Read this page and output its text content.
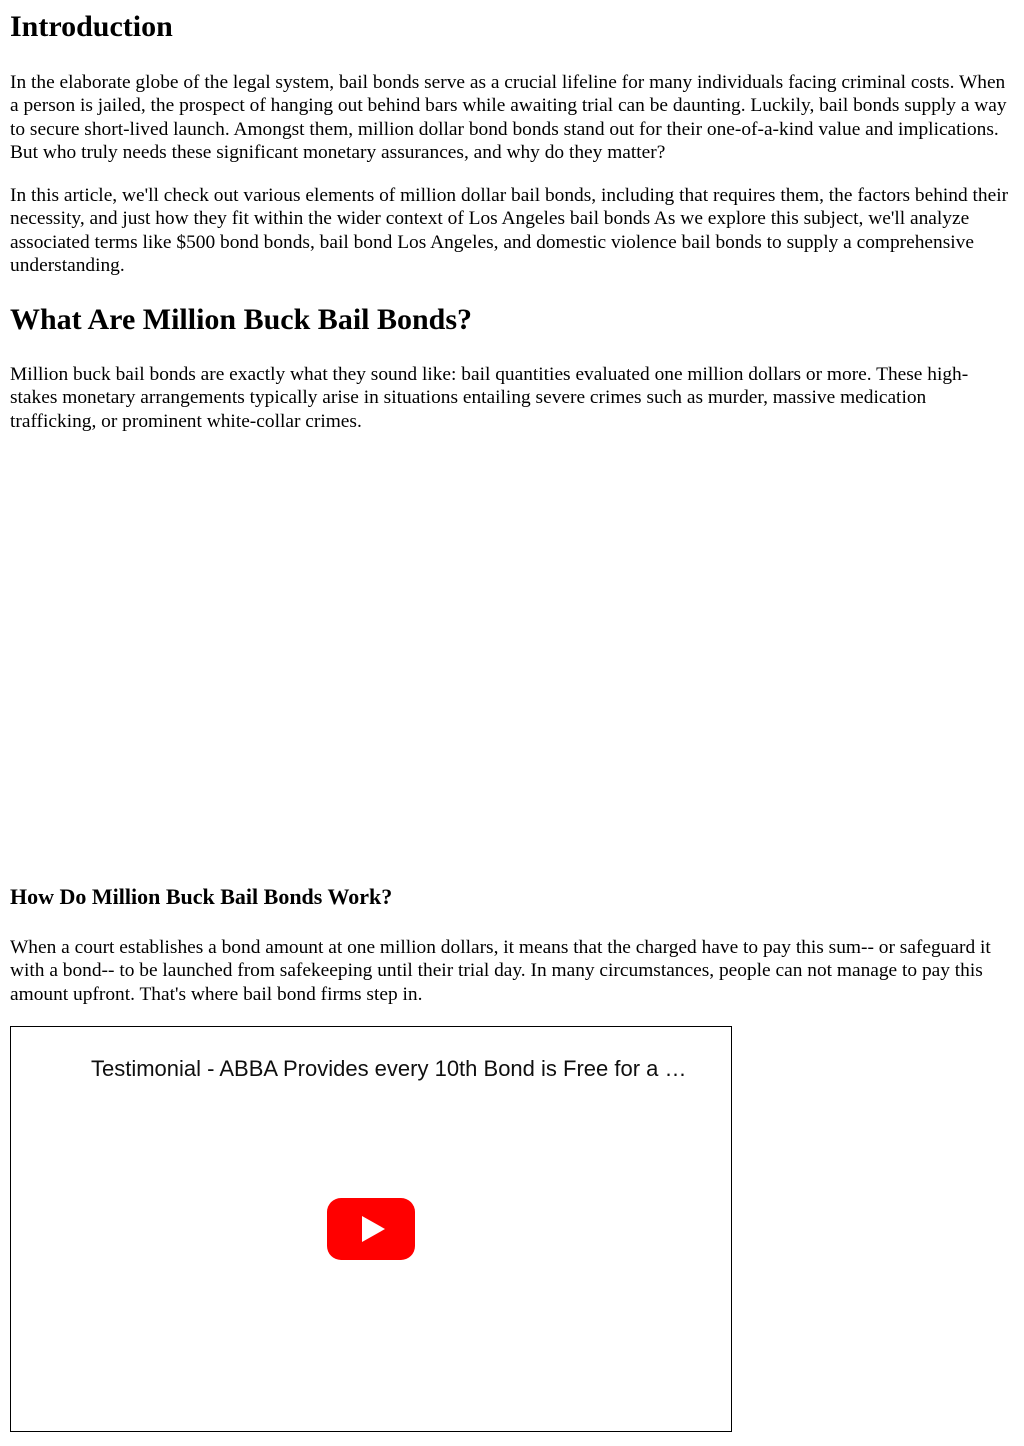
Introduction

In the elaborate globe of the legal system, bail bonds serve as a crucial lifeline for many individuals facing criminal costs. When a person is jailed, the prospect of hanging out behind bars while awaiting trial can be daunting. Luckily, bail bonds supply a way to secure short-lived launch. Amongst them, million dollar bond bonds stand out for their one-of-a-kind value and implications. But who truly needs these significant monetary assurances, and why do they matter?

In this article, we'll check out various elements of million dollar bail bonds, including that requires them, the factors behind their necessity, and just how they fit within the wider context of Los Angeles bail bonds As we explore this subject, we'll analyze associated terms like $500 bond bonds, bail bond Los Angeles, and domestic violence bail bonds to supply a comprehensive understanding.

What Are Million Buck Bail Bonds?

Million buck bail bonds are exactly what they sound like: bail quantities evaluated one million dollars or more. These high-stakes monetary arrangements typically arise in situations entailing severe crimes such as murder, massive medication trafficking, or prominent white-collar crimes.

How Do Million Buck Bail Bonds Work?

When a court establishes a bond amount at one million dollars, it means that the charged have to pay this sum-- or safeguard it with a bond-- to be launched from safekeeping until their trial day. In many circumstances, people can not manage to pay this amount upfront. That's where bail bond firms step in.

Testimonial - ABBA Provides every 10th Bond is Free for a …
